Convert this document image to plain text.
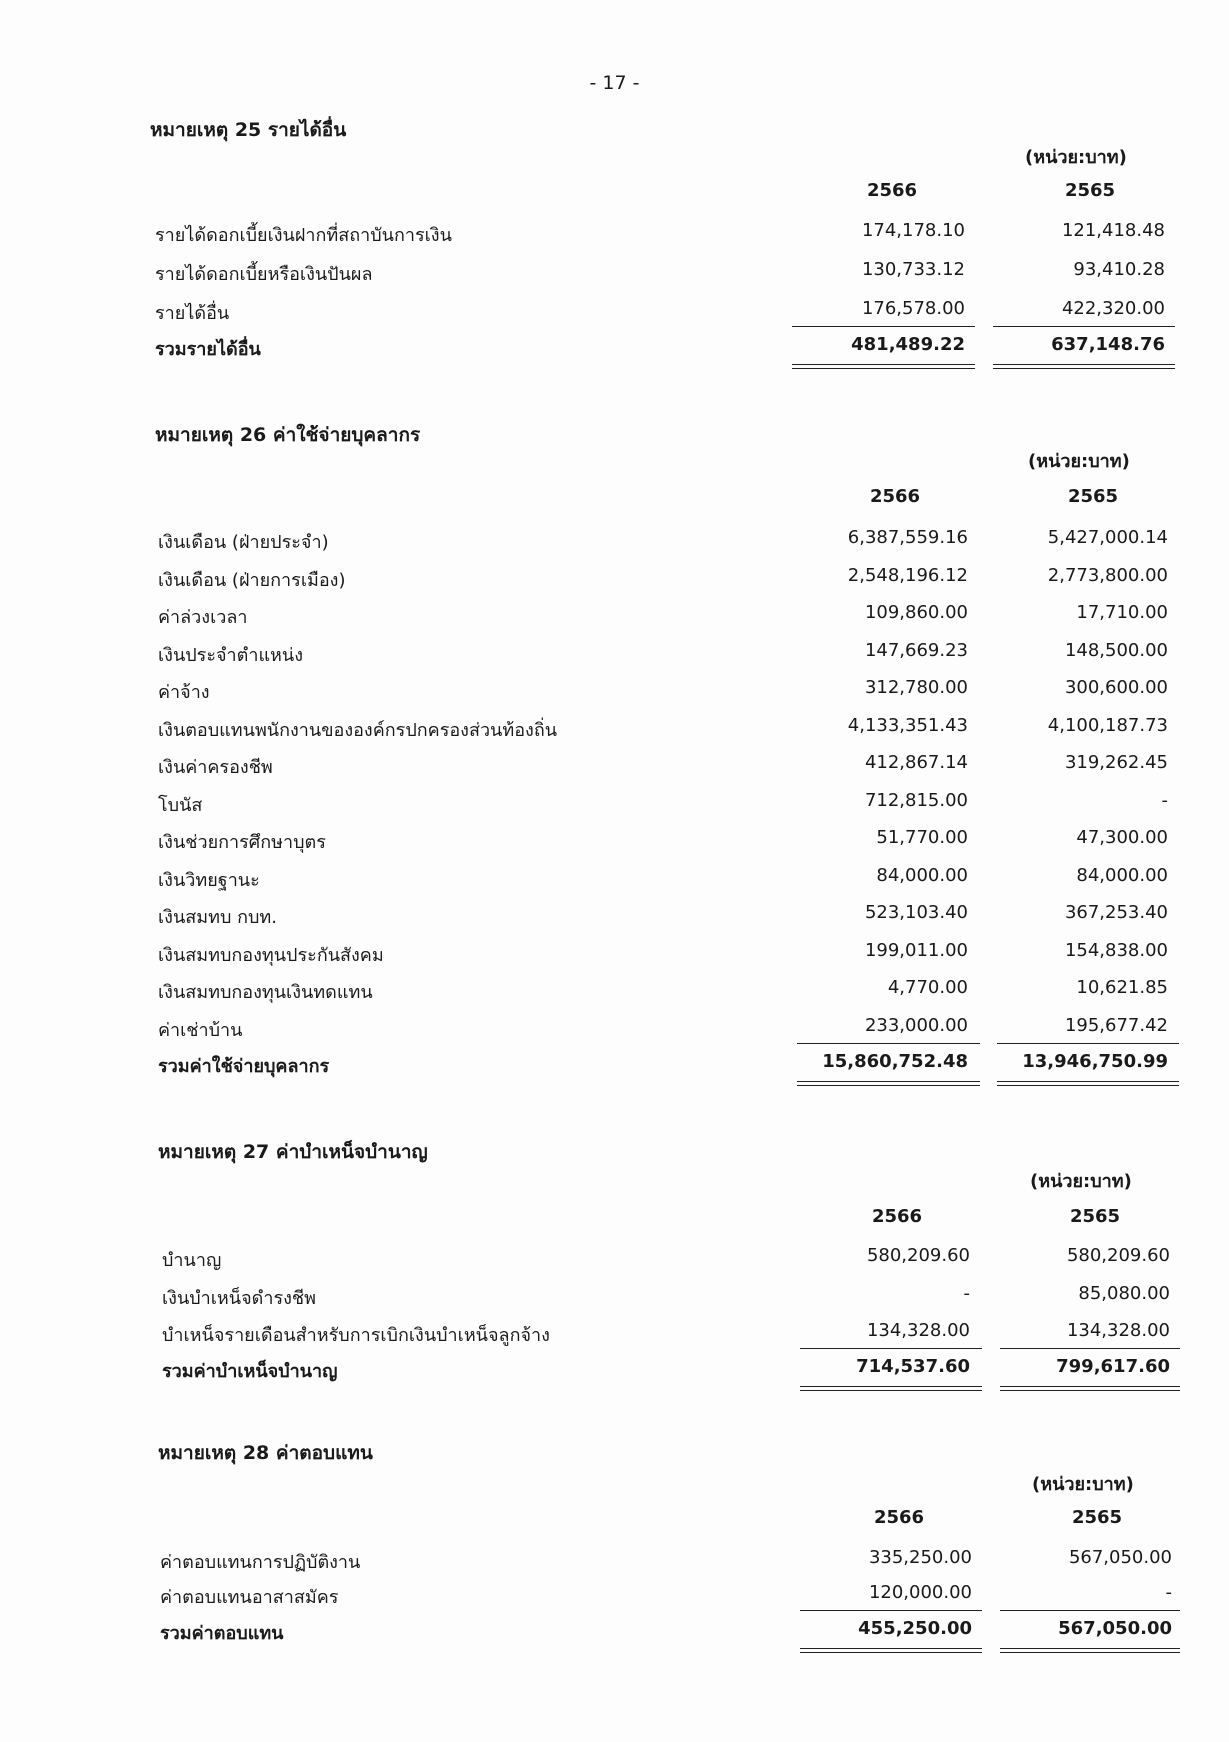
- 17 -
หมายเหตุ 25 รายได้อื่น
(หน่วย:บาท)
2566	2565
รายได้ดอกเบี้ยเงินฝากที่สถาบันการเงิน	174,178.10	121,418.48
รายได้ดอกเบี้ยหรือเงินปันผล	130,733.12	93,410.28
รายได้อื่น	176,578.00	422,320.00
รวมรายได้อื่น	481,489.22	637,148.76
หมายเหตุ 26 ค่าใช้จ่ายบุคลากร
(หน่วย:บาท)
2566	2565
เงินเดือน (ฝ่ายประจำ)	6,387,559.16	5,427,000.14
เงินเดือน (ฝ่ายการเมือง)	2,548,196.12	2,773,800.00
ค่าล่วงเวลา	109,860.00	17,710.00
เงินประจำตำแหน่ง	147,669.23	148,500.00
ค่าจ้าง	312,780.00	300,600.00
เงินตอบแทนพนักงานขององค์กรปกครองส่วนท้องถิ่น	4,133,351.43	4,100,187.73
เงินค่าครองชีพ	412,867.14	319,262.45
โบนัส	712,815.00	-
เงินช่วยการศึกษาบุตร	51,770.00	47,300.00
เงินวิทยฐานะ	84,000.00	84,000.00
เงินสมทบ กบท.	523,103.40	367,253.40
เงินสมทบกองทุนประกันสังคม	199,011.00	154,838.00
เงินสมทบกองทุนเงินทดแทน	4,770.00	10,621.85
ค่าเช่าบ้าน	233,000.00	195,677.42
รวมค่าใช้จ่ายบุคลากร	15,860,752.48	13,946,750.99
หมายเหตุ 27 ค่าบำเหน็จบำนาญ
(หน่วย:บาท)
2566	2565
บำนาญ	580,209.60	580,209.60
เงินบำเหน็จดำรงชีพ	-	85,080.00
บำเหน็จรายเดือนสำหรับการเบิกเงินบำเหน็จลูกจ้าง	134,328.00	134,328.00
รวมค่าบำเหน็จบำนาญ	714,537.60	799,617.60
หมายเหตุ 28 ค่าตอบแทน
(หน่วย:บาท)
2566	2565
ค่าตอบแทนการปฏิบัติงาน	335,250.00	567,050.00
ค่าตอบแทนอาสาสมัคร	120,000.00	-
รวมค่าตอบแทน	455,250.00	567,050.00
